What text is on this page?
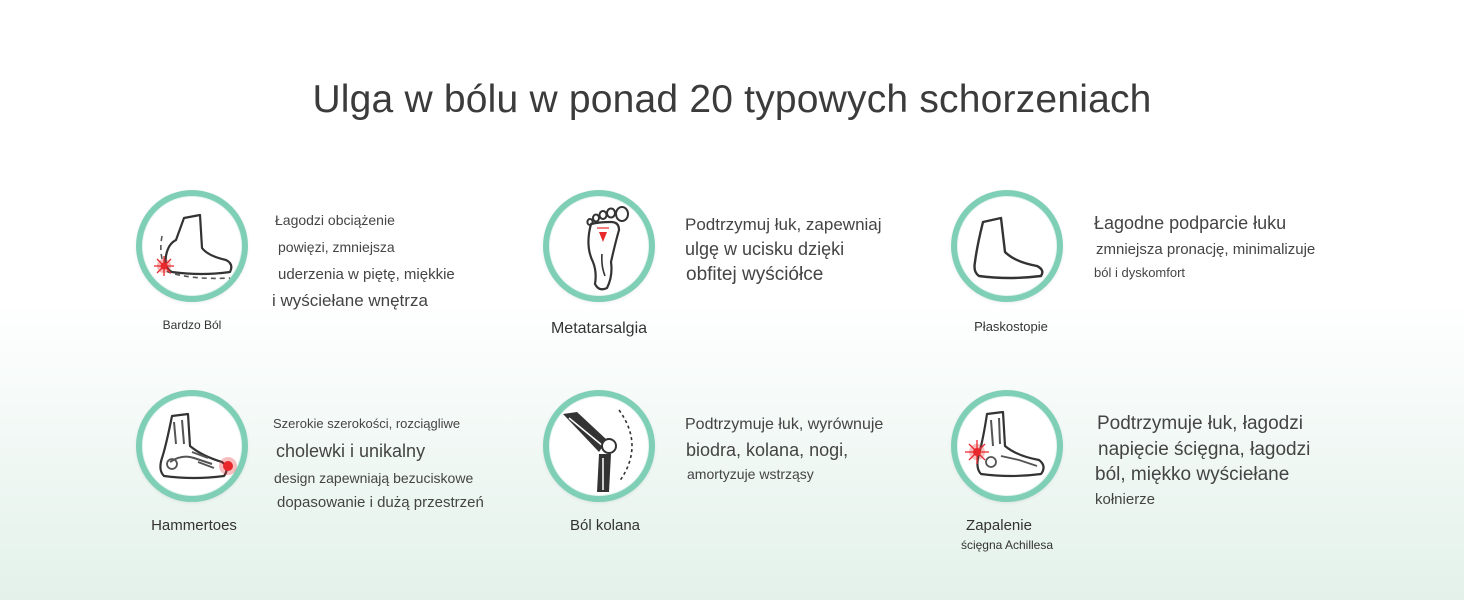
Ulga w bólu w ponad 20 typowych schorzeniach
Bardzo Ból
Łagodzi obciążenie
powięzi, zmniejsza
uderzenia w piętę, miękkie
i wyściełane wnętrza
Metatarsalgia
Podtrzymuj łuk, zapewniaj
ulgę w ucisku dzięki
obfitej wyściółce
Płaskostopie
Łagodne podparcie łuku
zmniejsza pronację, minimalizuje
ból i dyskomfort
Hammertoes
Szerokie szerokości, rozciągliwe
cholewki i unikalny
design zapewniają bezuciskowe
dopasowanie i dużą przestrzeń
Ból kolana
Podtrzymuje łuk, wyrównuje
biodra, kolana, nogi,
amortyzuje wstrząsy
Zapalenie
ścięgna Achillesa
Podtrzymuje łuk, łagodzi
napięcie ścięgna, łagodzi
ból, miękko wyściełane
kołnierze
